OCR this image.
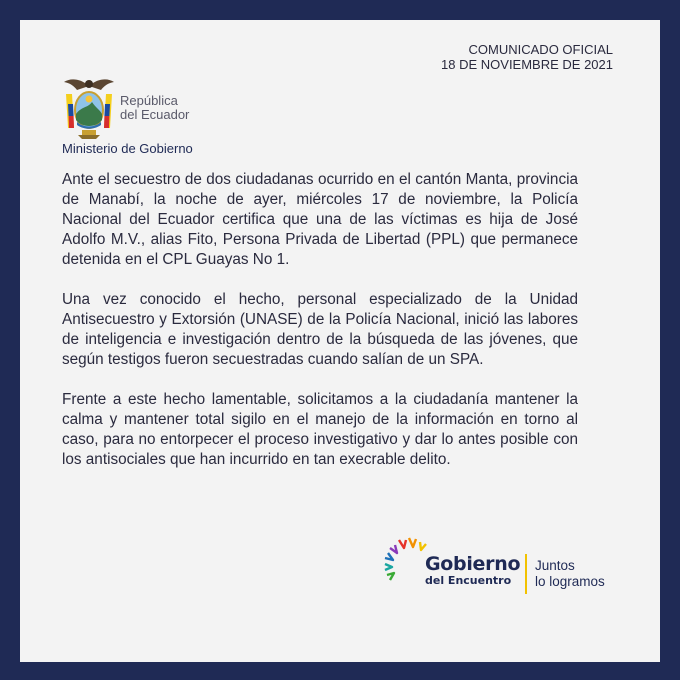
COMUNICADO OFICIAL
18 DE NOVIEMBRE DE 2021
República
del Ecuador
Ministerio de Gobierno

Ante el secuestro de dos ciudadanas ocurrido en el cantón Manta, provincia de Manabí, la noche de ayer, miércoles 17 de noviembre, la Policía Nacional del Ecuador certifica que una de las víctimas es hija de José Adolfo M.V., alias Fito, Persona Privada de Libertad (PPL) que permanece detenida en el CPL Guayas No 1.

Una vez conocido el hecho, personal especializado de la Unidad Antisecuestro y Extorsión (UNASE) de la Policía Nacional, inició las labores de inteligencia e investigación dentro de la búsqueda de las jóvenes, que según testigos fueron secuestradas cuando salían de un SPA.

Frente a este hecho lamentable, solicitamos a la ciudadanía mantener la calma y mantener total sigilo en el manejo de la información en torno al caso, para no entorpecer el proceso investigativo y dar lo antes posible con los antisociales que han incurrido en tan execrable delito.

Gobierno
del Encuentro
Juntos
lo logramos
